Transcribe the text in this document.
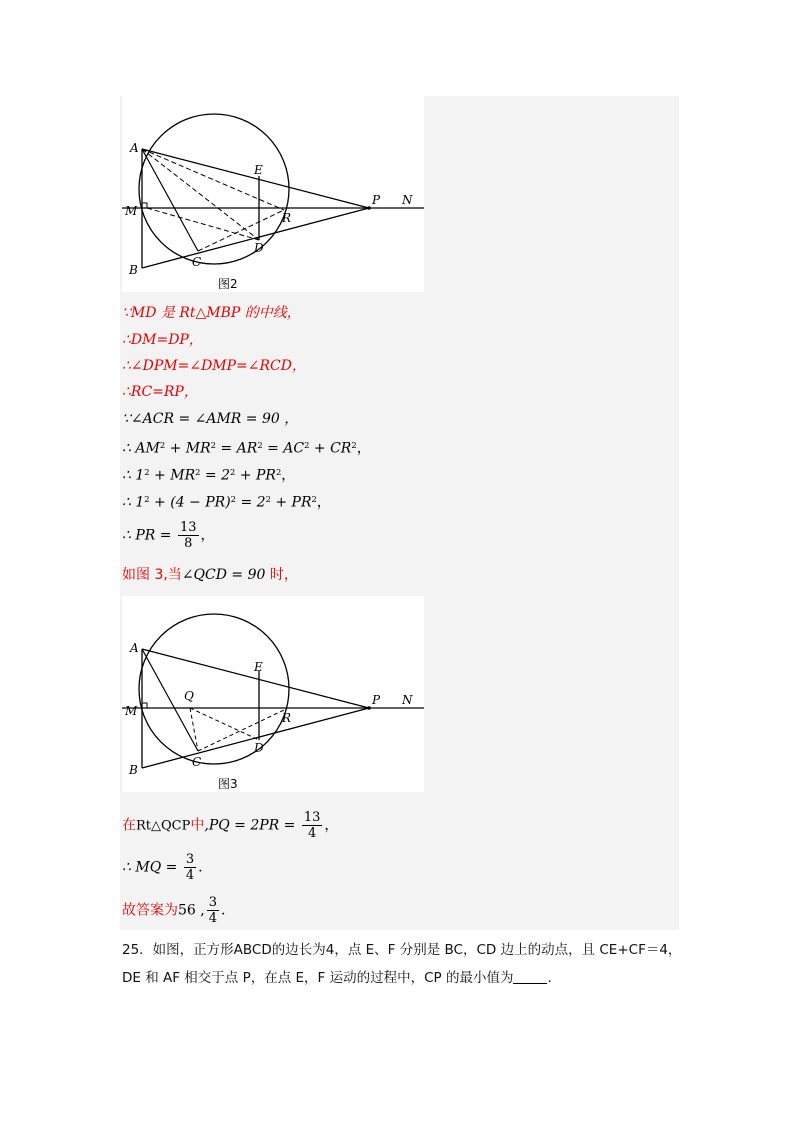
A
M
B
C
D
E
R
P N
图2
∵MD 是 Rt△MBP 的中线，
∴DM=DP，
∴∠DPM=∠DMP=∠RCD，
∴RC=RP，
∵∠ACR = ∠AMR = 90 ，
∴ $AM^2 + MR^2 = AR^2 = AC^2 + CR^2$，
∴ $1^2 + MR^2 = 2^2 + PR^2$，
∴ $1^2 + (4 - PR)^2 = 2^2 + PR^2$，
∴ PR = $\frac{13}{8}$ ，
如图 3,当∠QCD = 90 时，
A
M
B
C
D
E
R
P N
Q
图3
在Rt△QCP中$,PQ = 2PR = \frac{13}{4}$ ，
∴ MQ = $\frac{3}{4}$ .
故答案为56 , $\frac{3}{4}$ .
25．如图，正方形ABCD的边长为4，点 E、F 分别是 BC，CD 边上的动点，且 CE+CF＝4，
DE 和 AF 相交于点 P，在点 E，F 运动的过程中，CP 的最小值为	.
